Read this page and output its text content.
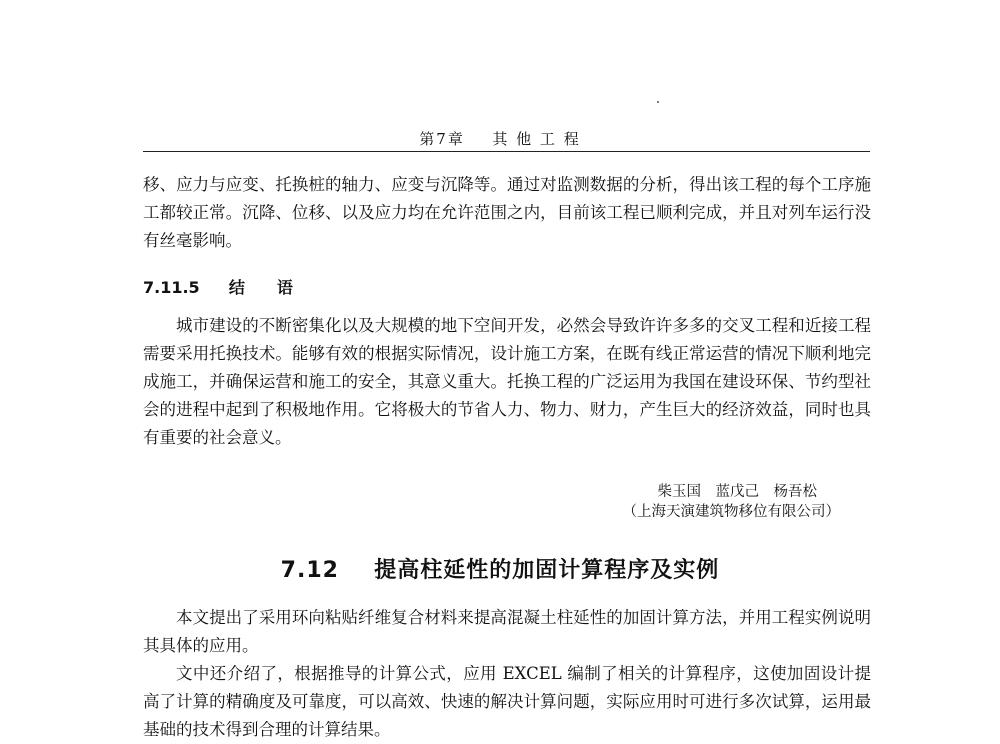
第7章 其 他 工 程
移、应力与应变、托换桩的轴力、应变与沉降等。通过对监测数据的分析，得出该工程的每个工序施工都较正常。沉降、位移、以及应力均在允许范围之内，目前该工程已顺利完成，并且对列车运行没有丝毫影响。
7.11.5 结　　语
城市建设的不断密集化以及大规模的地下空间开发，必然会导致许许多多的交叉工程和近接工程需要采用托换技术。能够有效的根据实际情况，设计施工方案，在既有线正常运营的情况下顺利地完成施工，并确保运营和施工的安全，其意义重大。托换工程的广泛运用为我国在建设环保、节约型社会的进程中起到了积极地作用。它将极大的节省人力、物力、财力，产生巨大的经济效益，同时也具有重要的社会意义。
柴玉国　蓝戊己　杨吾松
（上海天演建筑物移位有限公司）
7.12 提高柱延性的加固计算程序及实例
本文提出了采用环向粘贴纤维复合材料来提高混凝土柱延性的加固计算方法，并用工程实例说明其具体的应用。
文中还介绍了，根据推导的计算公式，应用 EXCEL 编制了相关的计算程序，这使加固设计提高了计算的精确度及可靠度，可以高效、快速的解决计算问题，实际应用时可进行多次试算，运用最基础的技术得到合理的计算结果。
